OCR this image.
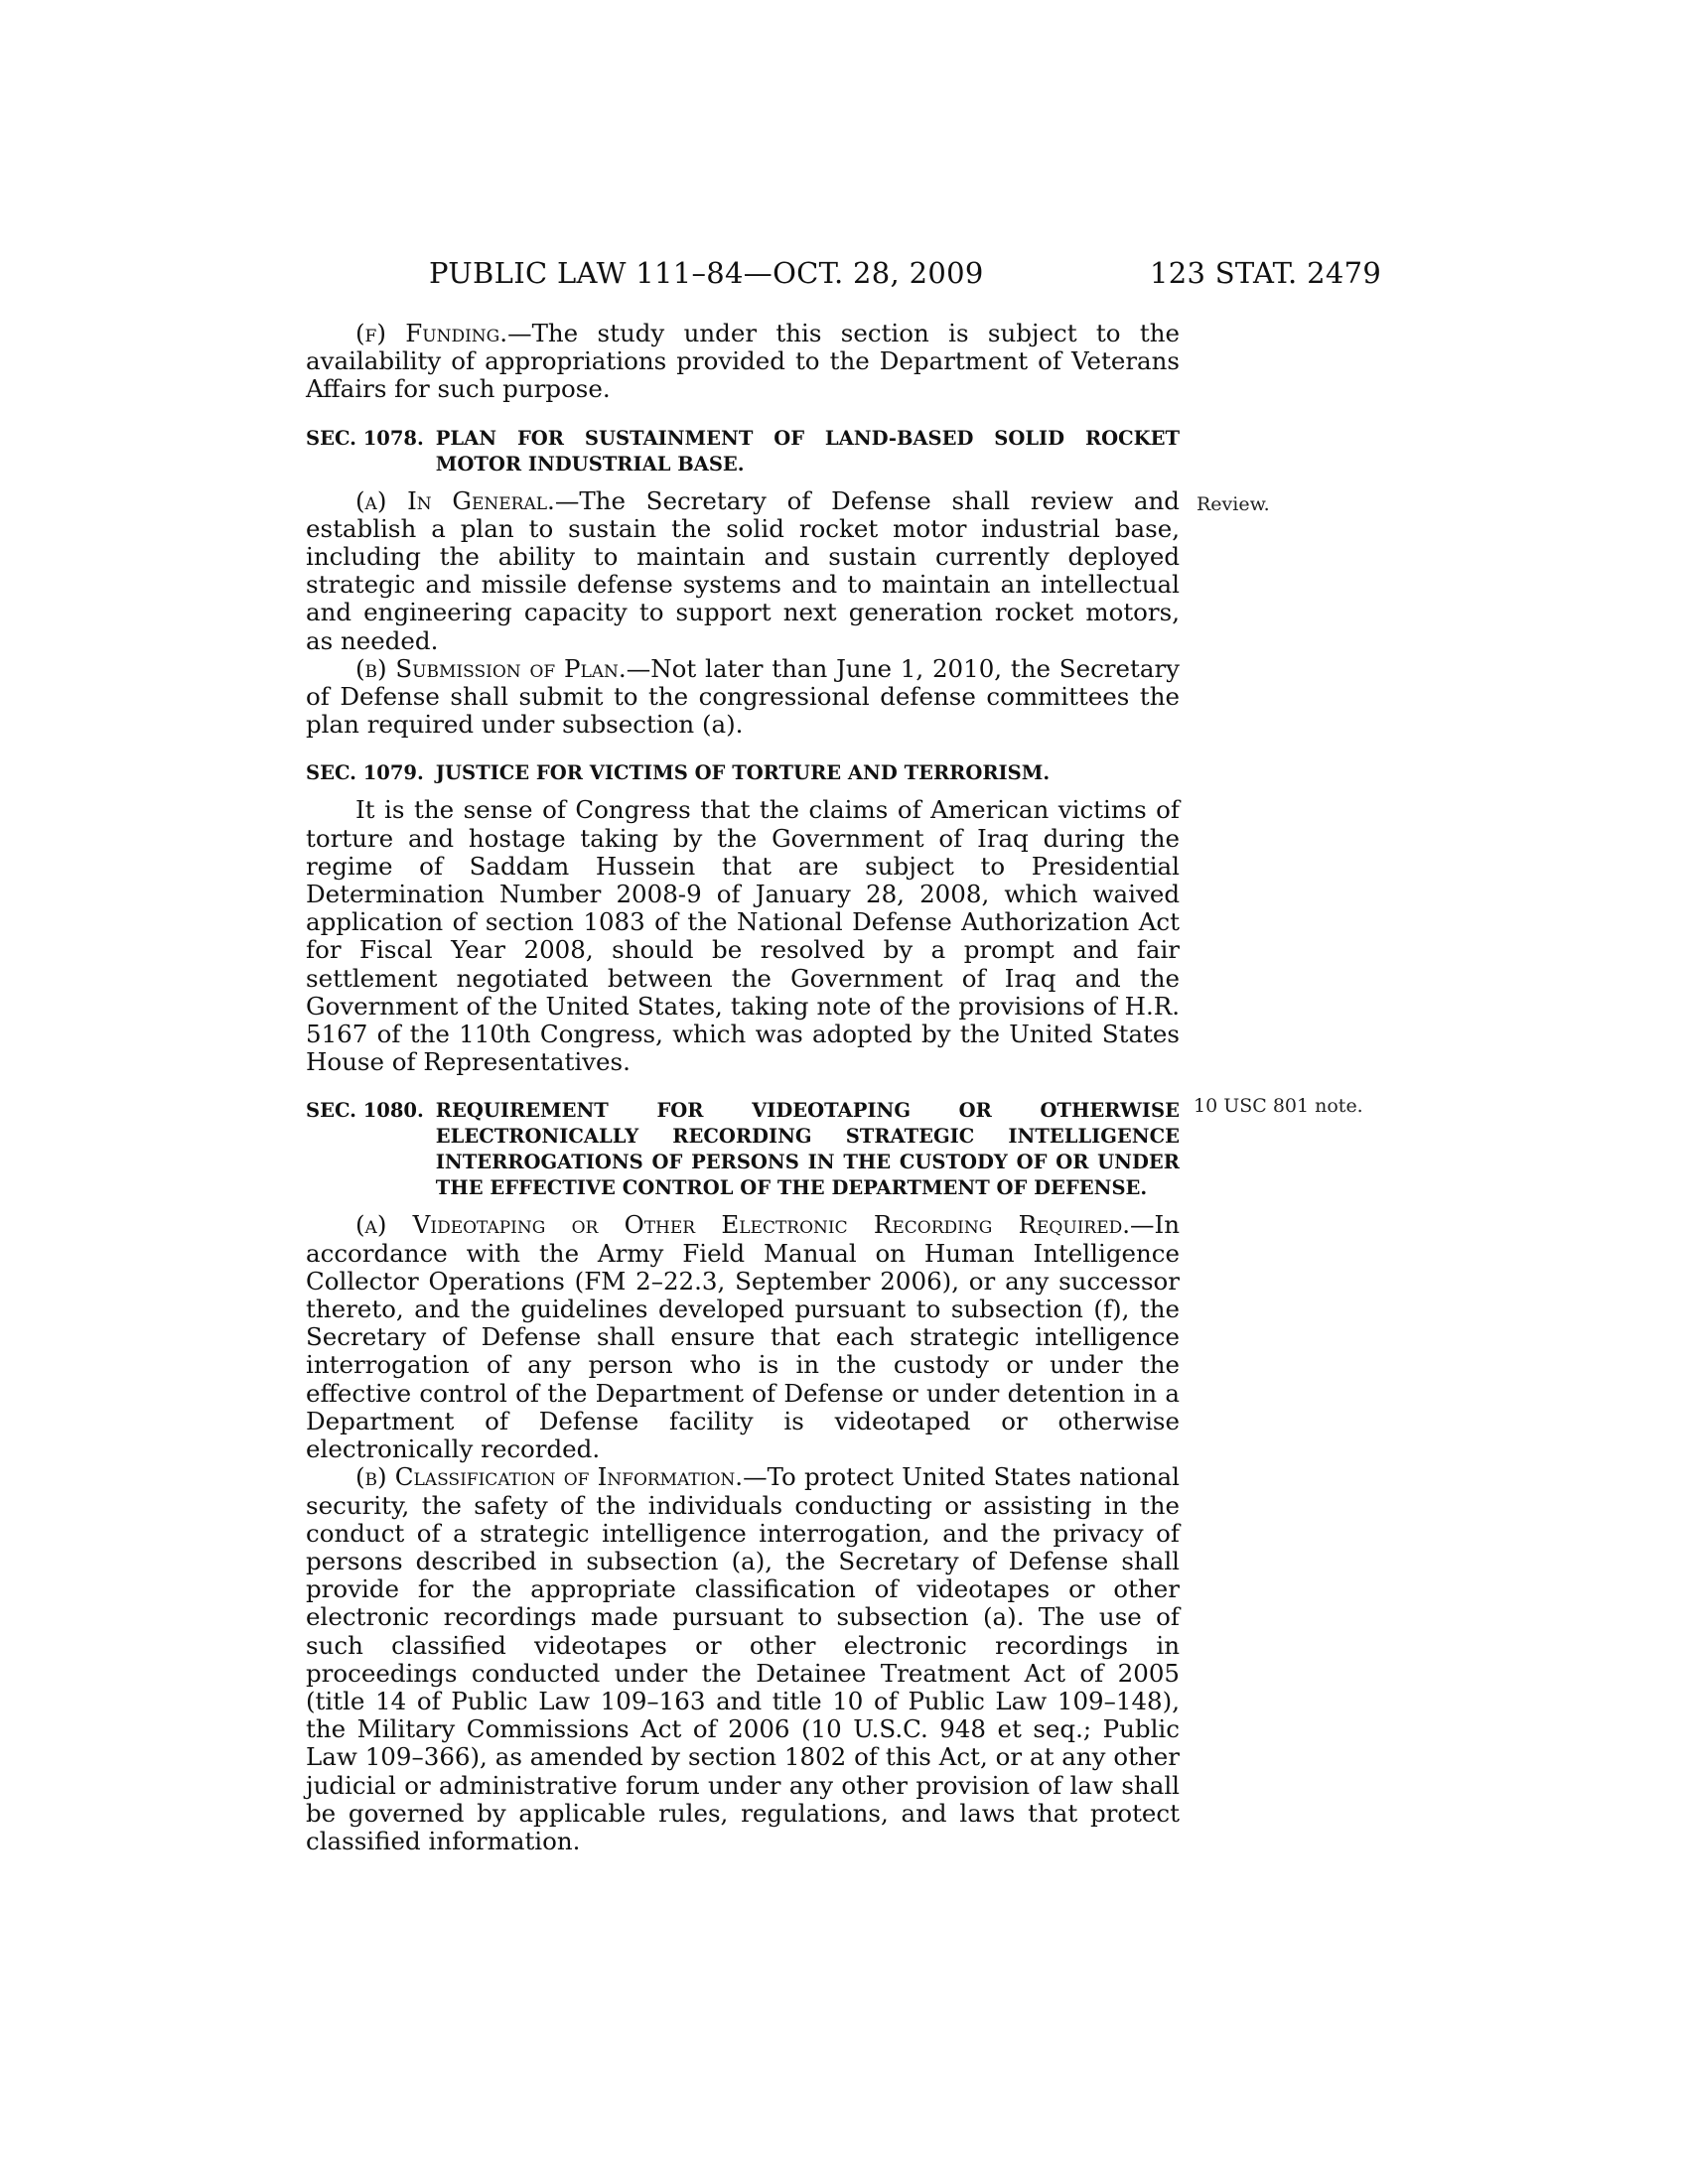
PUBLIC LAW 111–84—OCT. 28, 2009	123 STAT. 2479
Review.
10 USC 801 note.

(f) Funding.—The study under this section is subject to the availability of appropriations provided to the Department of Veterans Affairs for such purpose.

SEC. 1078. PLAN FOR SUSTAINMENT OF LAND-BASED SOLID ROCKET MOTOR INDUSTRIAL BASE.

(a) In General.—The Secretary of Defense shall review and establish a plan to sustain the solid rocket motor industrial base, including the ability to maintain and sustain currently deployed strategic and missile defense systems and to maintain an intellectual and engineering capacity to support next generation rocket motors, as needed.

(b) Submission of Plan.—Not later than June 1, 2010, the Secretary of Defense shall submit to the congressional defense committees the plan required under subsection (a).

SEC. 1079. JUSTICE FOR VICTIMS OF TORTURE AND TERRORISM.

It is the sense of Congress that the claims of American victims of torture and hostage taking by the Government of Iraq during the regime of Saddam Hussein that are subject to Presidential Determination Number 2008-9 of January 28, 2008, which waived application of section 1083 of the National Defense Authorization Act for Fiscal Year 2008, should be resolved by a prompt and fair settlement negotiated between the Government of Iraq and the Government of the United States, taking note of the provisions of H.R. 5167 of the 110th Congress, which was adopted by the United States House of Representatives.

SEC. 1080. REQUIREMENT FOR VIDEOTAPING OR OTHERWISE ELECTRONICALLY RECORDING STRATEGIC INTELLIGENCE INTERROGATIONS OF PERSONS IN THE CUSTODY OF OR UNDER THE EFFECTIVE CONTROL OF THE DEPARTMENT OF DEFENSE.

(a) Videotaping or Other Electronic Recording Required.—In accordance with the Army Field Manual on Human Intelligence Collector Operations (FM 2–22.3, September 2006), or any successor thereto, and the guidelines developed pursuant to subsection (f), the Secretary of Defense shall ensure that each strategic intelligence interrogation of any person who is in the custody or under the effective control of the Department of Defense or under detention in a Department of Defense facility is videotaped or otherwise electronically recorded.

(b) Classification of Information.—To protect United States national security, the safety of the individuals conducting or assisting in the conduct of a strategic intelligence interrogation, and the privacy of persons described in subsection (a), the Secretary of Defense shall provide for the appropriate classification of videotapes or other electronic recordings made pursuant to subsection (a). The use of such classified videotapes or other electronic recordings in proceedings conducted under the Detainee Treatment Act of 2005 (title 14 of Public Law 109–163 and title 10 of Public Law 109–148), the Military Commissions Act of 2006 (10 U.S.C. 948 et seq.; Public Law 109–366), as amended by section 1802 of this Act, or at any other judicial or administrative forum under any other provision of law shall be governed by applicable rules, regulations, and laws that protect classified information.
